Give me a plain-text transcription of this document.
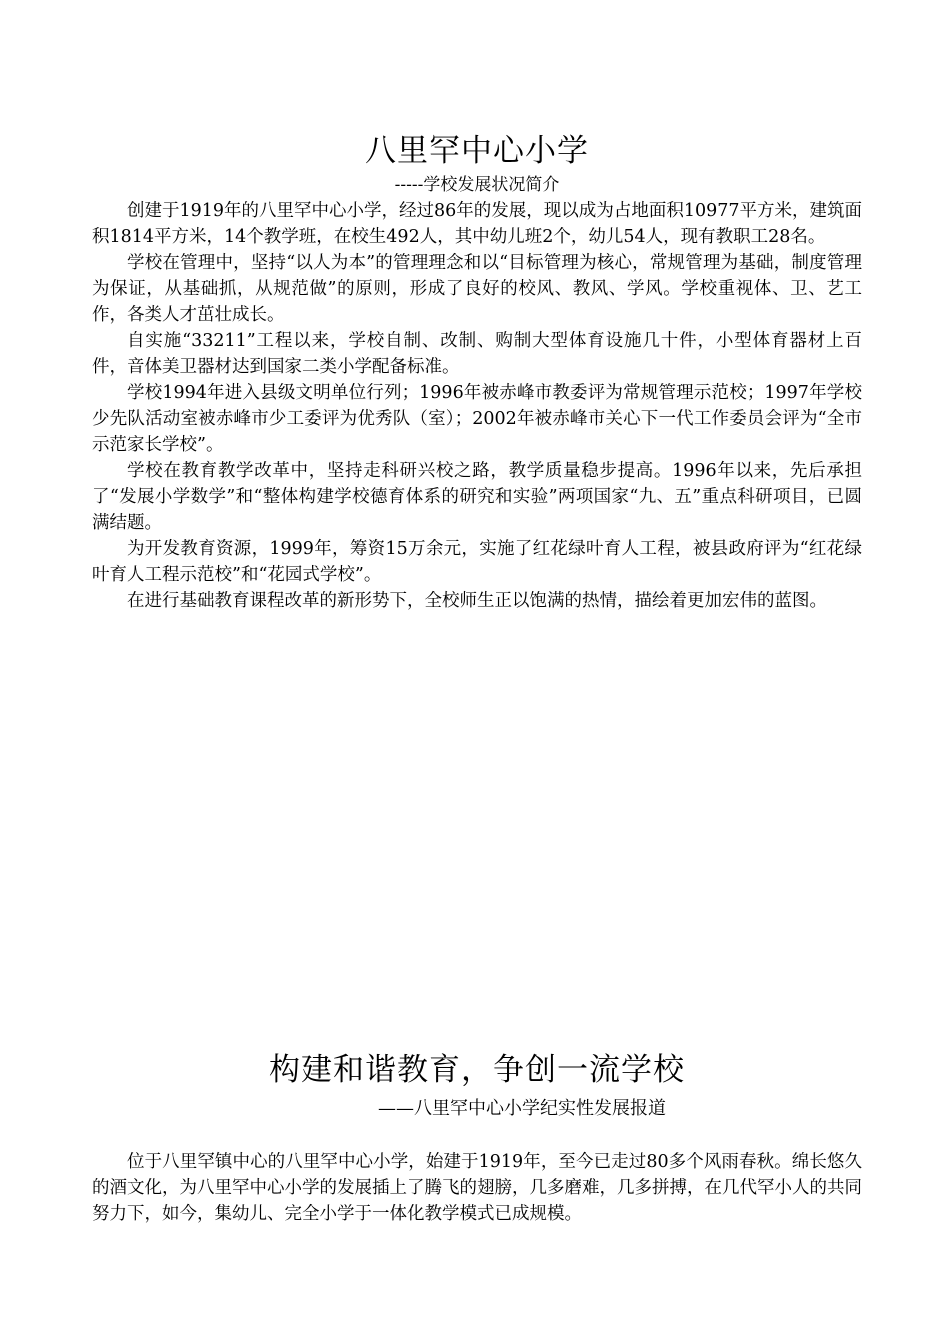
八里罕中心小学
-----学校发展状况简介

创建于1919年的八里罕中心小学，经过86年的发展，现以成为占地面积10977平方米，建筑面积1814平方米，14个教学班，在校生492人，其中幼儿班2个，幼儿54人，现有教职工28名。

学校在管理中，坚持“以人为本”的管理理念和以“目标管理为核心，常规管理为基础，制度管理为保证，从基础抓，从规范做”的原则，形成了良好的校风、教风、学风。学校重视体、卫、艺工作，各类人才茁壮成长。

自实施“33211”工程以来，学校自制、改制、购制大型体育设施几十件，小型体育器材上百件，音体美卫器材达到国家二类小学配备标准。

学校1994年进入县级文明单位行列；1996年被赤峰市教委评为常规管理示范校；1997年学校少先队活动室被赤峰市少工委评为优秀队（室）；2002年被赤峰市关心下一代工作委员会评为“全市示范家长学校”。

学校在教育教学改革中，坚持走科研兴校之路，教学质量稳步提高。1996年以来，先后承担了“发展小学数学”和“整体构建学校德育体系的研究和实验”两项国家“九、五”重点科研项目，已圆满结题。

为开发教育资源，1999年，筹资15万余元，实施了红花绿叶育人工程，被县政府评为“红花绿叶育人工程示范校”和“花园式学校”。

在进行基础教育课程改革的新形势下，全校师生正以饱满的热情，描绘着更加宏伟的蓝图。

构建和谐教育，争创一流学校
——八里罕中心小学纪实性发展报道

位于八里罕镇中心的八里罕中心小学，始建于1919年，至今已走过80多个风雨春秋。绵长悠久的酒文化，为八里罕中心小学的发展插上了腾飞的翅膀，几多磨难，几多拼搏，在几代罕小人的共同努力下，如今，集幼儿、完全小学于一体化教学模式已成规模。
